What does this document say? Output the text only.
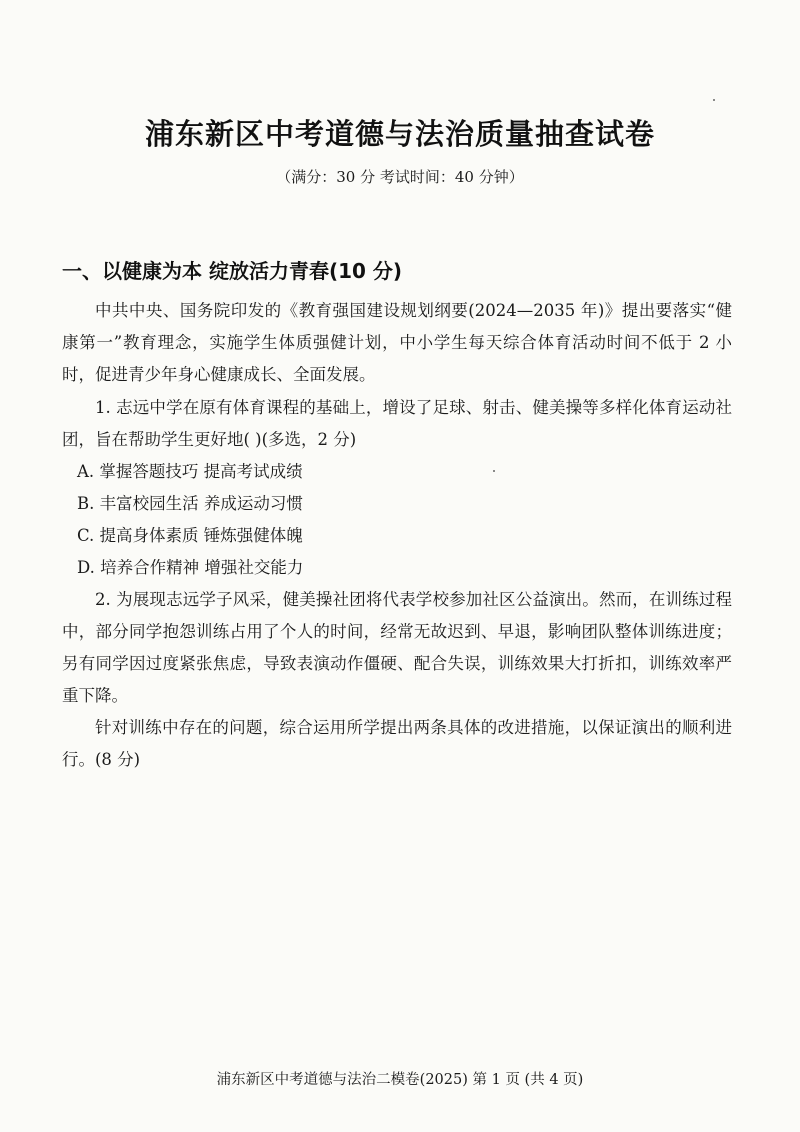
浦东新区中考道德与法治质量抽查试卷
（满分：30 分 考试时间：40 分钟）
一、以健康为本 绽放活力青春(10 分)

中共中央、国务院印发的《教育强国建设规划纲要(2024—2035 年)》提出要落实“健康第一”教育理念，实施学生体质强健计划，中小学生每天综合体育活动时间不低于 2 小时，促进青少年身心健康成长、全面发展。

1. 志远中学在原有体育课程的基础上，增设了足球、射击、健美操等多样化体育运动社团，旨在帮助学生更好地( )(多选，2 分)

A. 掌握答题技巧 提高考试成绩

B. 丰富校园生活 养成运动习惯

C. 提高身体素质 锤炼强健体魄

D. 培养合作精神 增强社交能力

2. 为展现志远学子风采，健美操社团将代表学校参加社区公益演出。然而，在训练过程中，部分同学抱怨训练占用了个人的时间，经常无故迟到、早退，影响团队整体训练进度；另有同学因过度紧张焦虑，导致表演动作僵硬、配合失误，训练效果大打折扣，训练效率严重下降。

针对训练中存在的问题，综合运用所学提出两条具体的改进措施，以保证演出的顺利进行。(8 分)

浦东新区中考道德与法治二模卷(2025) 第 1 页 (共 4 页)
